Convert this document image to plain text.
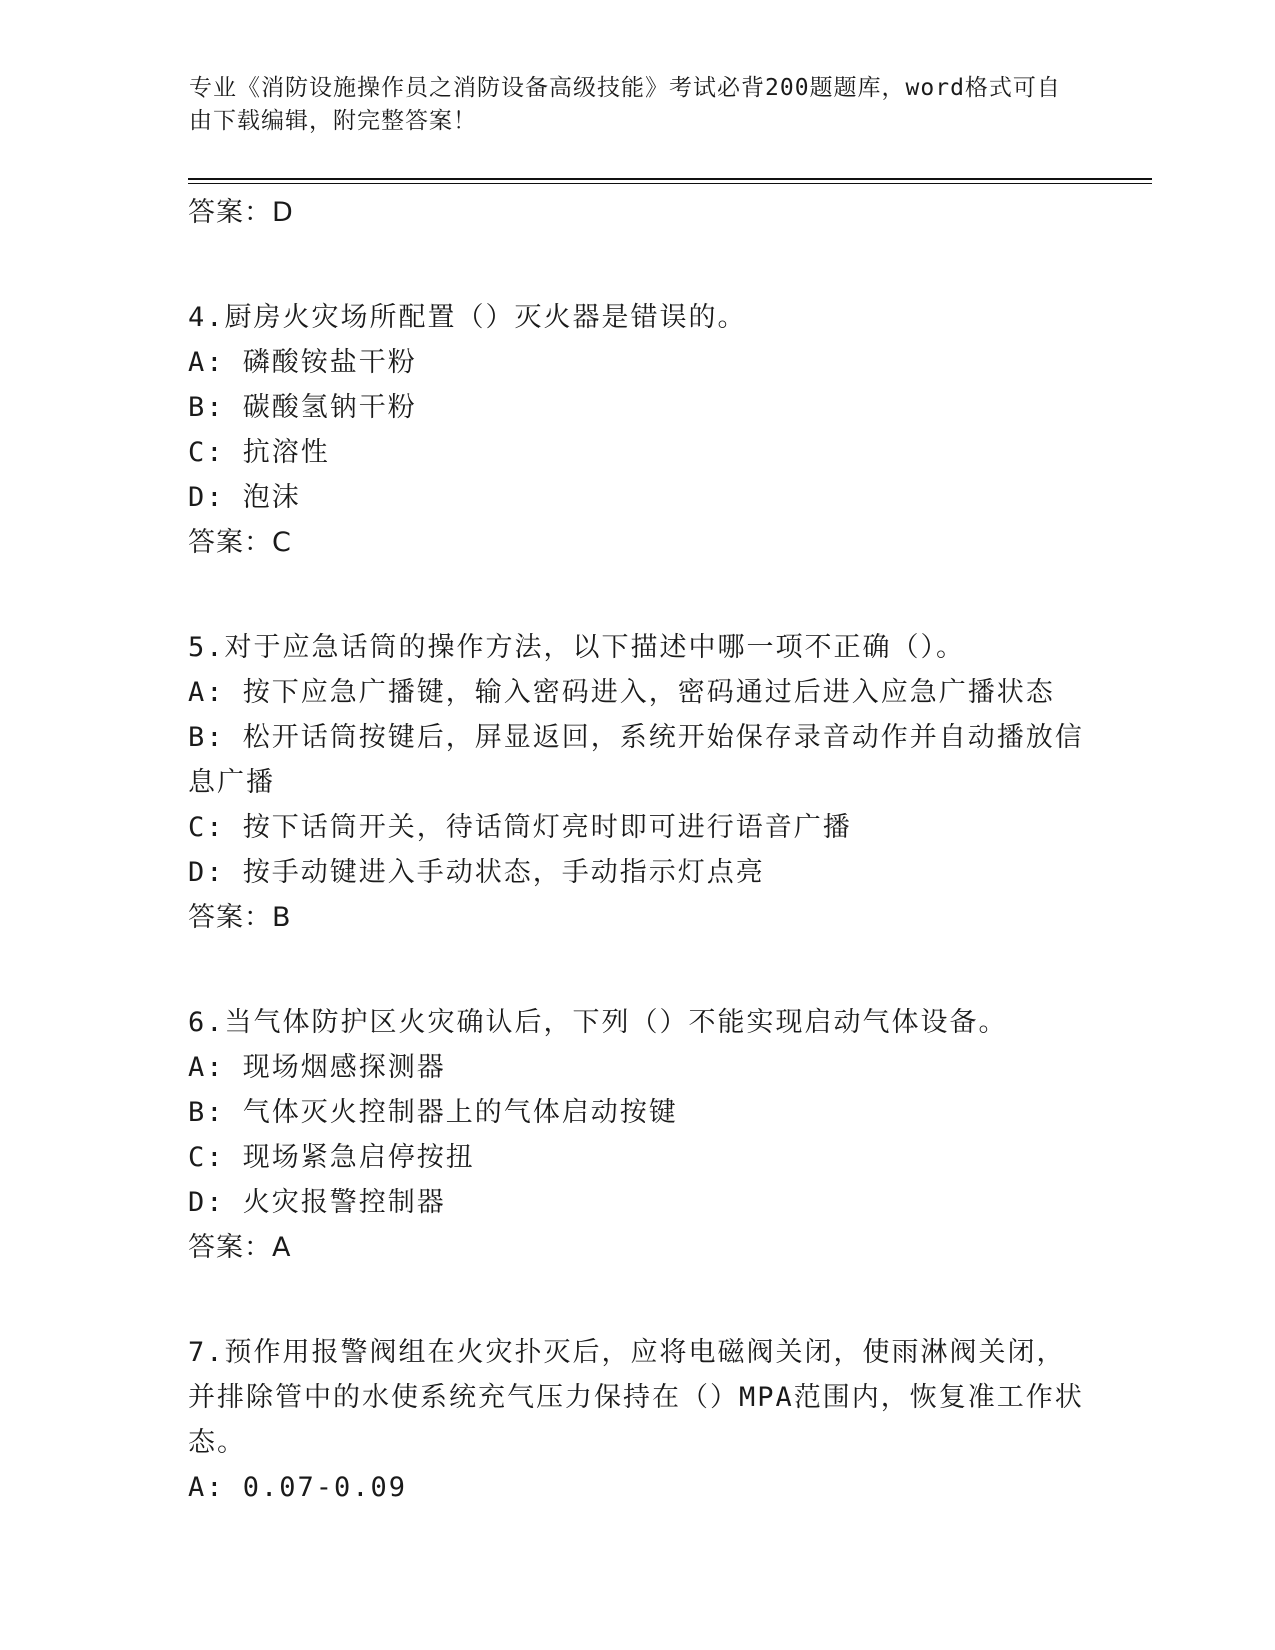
专业《消防设施操作员之消防设备高级技能》考试必背200题题库，word格式可自由下载编辑，附完整答案！
答案：D
4.厨房火灾场所配置（）灭火器是错误的。
A: 磷酸铵盐干粉
B: 碳酸氢钠干粉
C: 抗溶性
D: 泡沫
答案：C
5.对于应急话筒的操作方法，以下描述中哪一项不正确（）。
A: 按下应急广播键，输入密码进入，密码通过后进入应急广播状态
B: 松开话筒按键后，屏显返回，系统开始保存录音动作并自动播放信息广播
C: 按下话筒开关，待话筒灯亮时即可进行语音广播
D: 按手动键进入手动状态，手动指示灯点亮
答案：B
6.当气体防护区火灾确认后，下列（）不能实现启动气体设备。
A: 现场烟感探测器
B: 气体灭火控制器上的气体启动按键
C: 现场紧急启停按扭
D: 火灾报警控制器
答案：A
7.预作用报警阀组在火灾扑灭后，应将电磁阀关闭，使雨淋阀关闭，并排除管中的水使系统充气压力保持在（）MPA范围内，恢复准工作状态。
A: 0.07-0.09
